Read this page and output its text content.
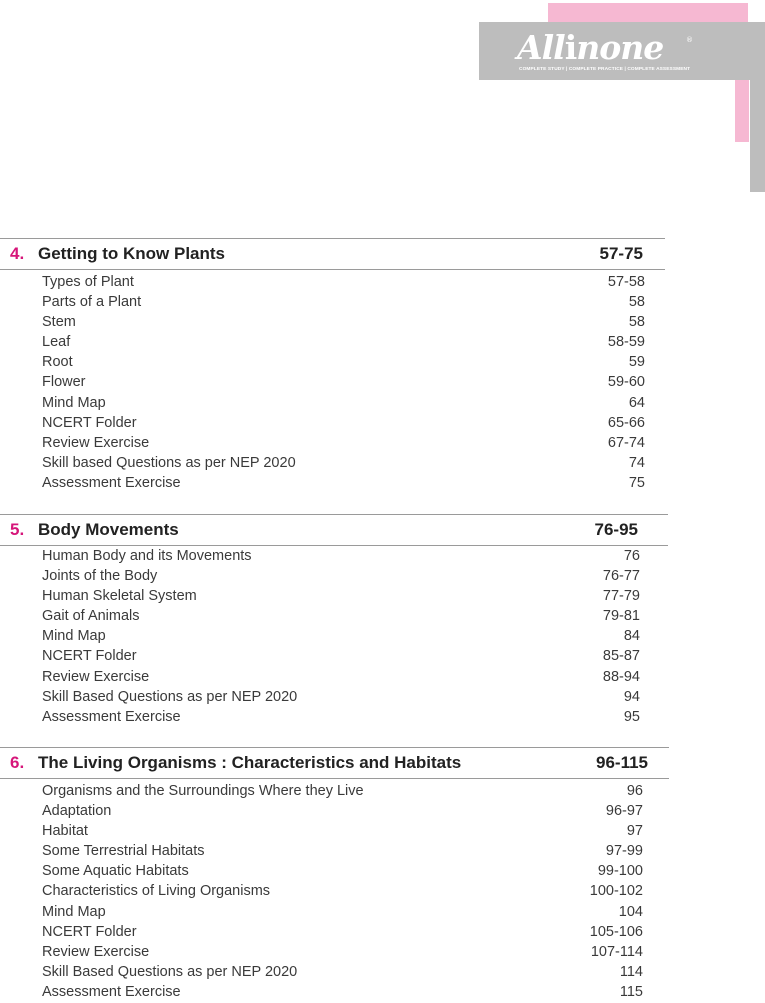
Allinone	®
COMPLETE STUDY | COMPLETE PRACTICE | COMPLETE ASSESSMENT
4. Getting to Know Plants	57-75
Types of Plant	57-58
Parts of a Plant	58
Stem	58
Leaf	58-59
Root	59
Flower	59-60
Mind Map	64
NCERT Folder	65-66
Review Exercise	67-74
Skill based Questions as per NEP 2020	74
Assessment Exercise	75
5. Body Movements	76-95
Human Body and its Movements	76
Joints of the Body	76-77
Human Skeletal System	77-79
Gait of Animals	79-81
Mind Map	84
NCERT Folder	85-87
Review Exercise	88-94
Skill Based Questions as per NEP 2020	94
Assessment Exercise	95
6. The Living Organisms : Characteristics and Habitats	96-115
Organisms and the Surroundings Where they Live	96
Adaptation	96-97
Habitat	97
Some Terrestrial Habitats	97-99
Some Aquatic Habitats	99-100
Characteristics of Living Organisms	100-102
Mind Map	104
NCERT Folder	105-106
Review Exercise	107-114
Skill Based Questions as per NEP 2020	114
Assessment Exercise	115
